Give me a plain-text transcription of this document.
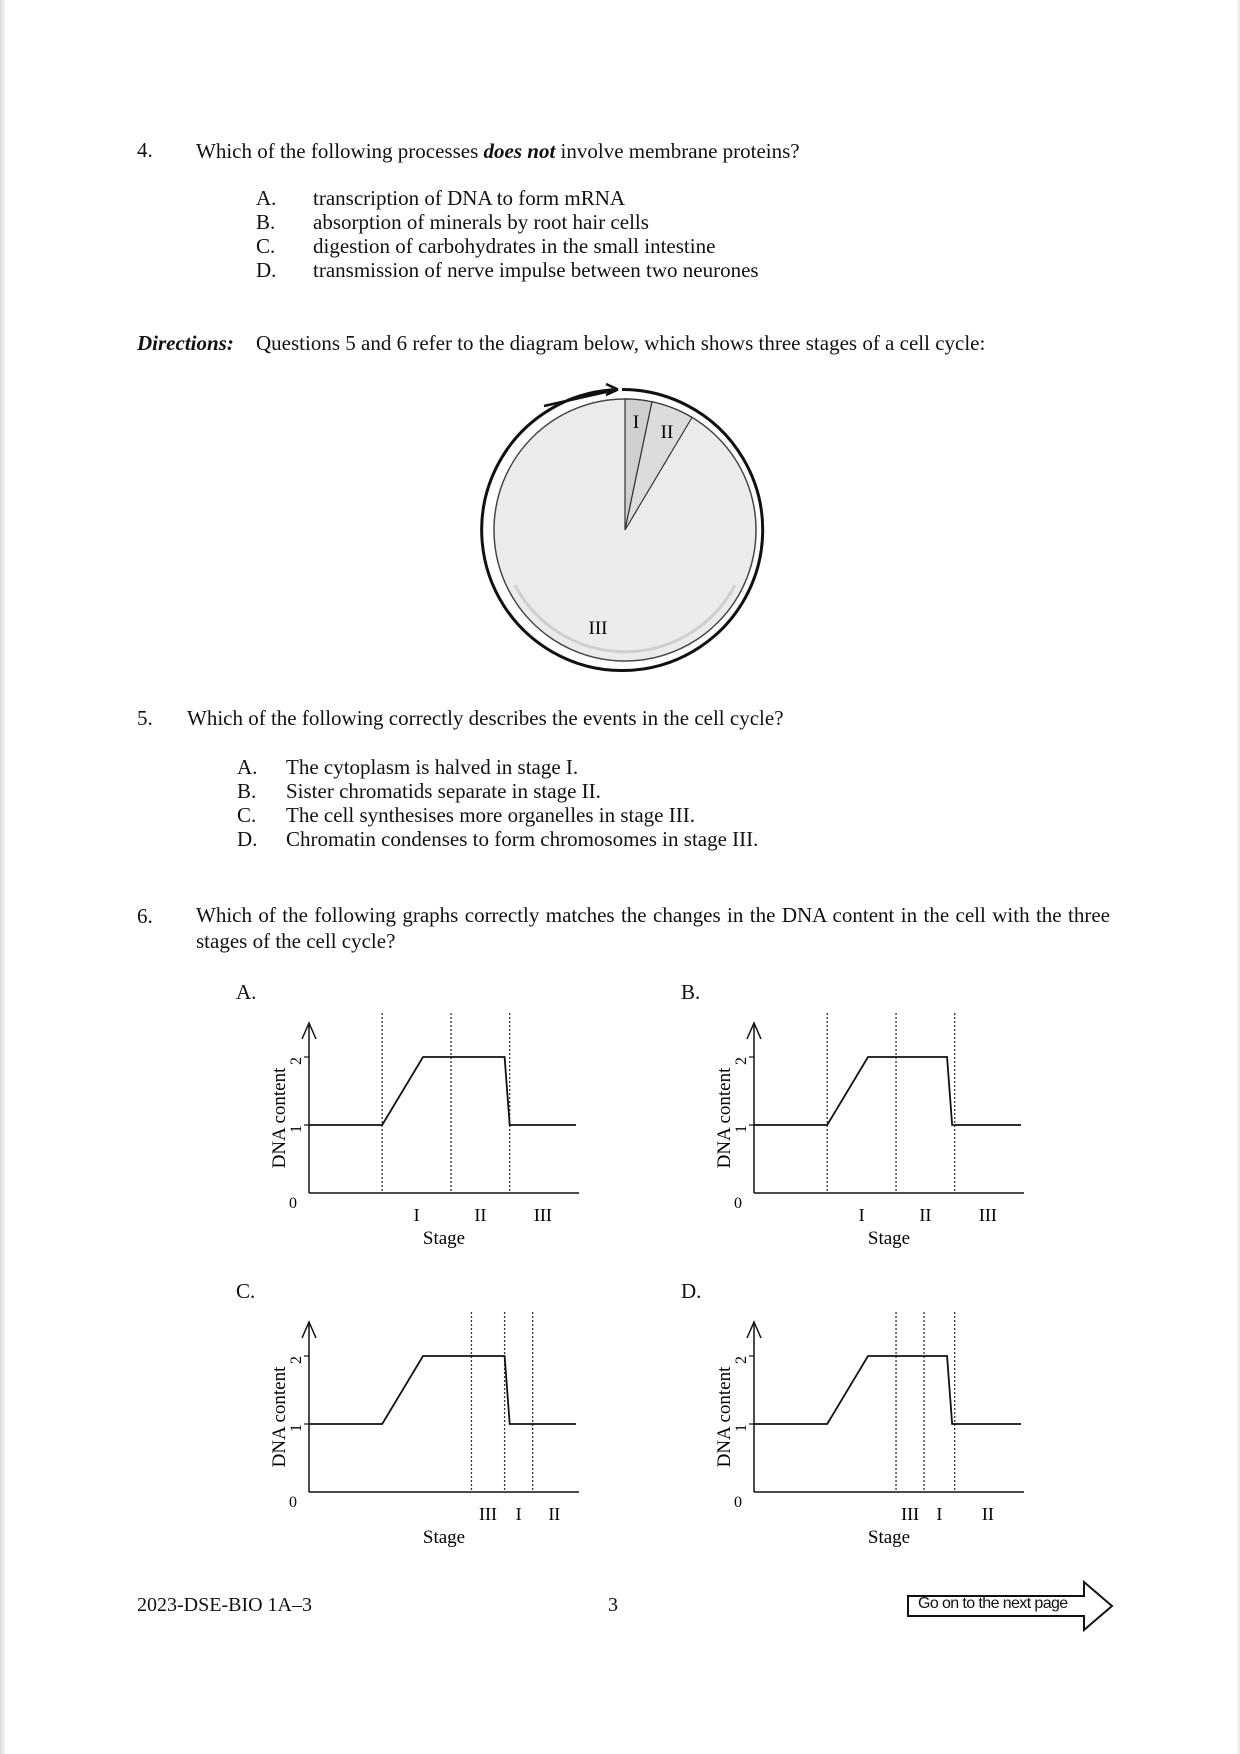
4. Which of the following processes does not involve membrane proteins?
A. transcription of DNA to form mRNA
B. absorption of minerals by root hair cells
C. digestion of carbohydrates in the small intestine
D. transmission of nerve impulse between two neurones
Directions: Questions 5 and 6 refer to the diagram below, which shows three stages of a cell cycle:
I II
III
5. Which of the following correctly describes the events in the cell cycle?
A. The cytoplasm is halved in stage I.
B. Sister chromatids separate in stage II.
C. The cell synthesises more organelles in stage III.
D. Chromatin condenses to form chromosomes in stage III.
6. Which of the following graphs correctly matches the changes in the DNA content in the cell with the three stages of the cell cycle?
A.	B.
C.	D.
0
1
2
DNA content
I	II	III
Stage
0
1
2
DNA content
I	II	III
Stage
0
1
2
DNA content
III I II
Stage
0
1
2
DNA content
III I II
Stage
2023-DSE-BIO 1A–3	3	Go on to the next page
